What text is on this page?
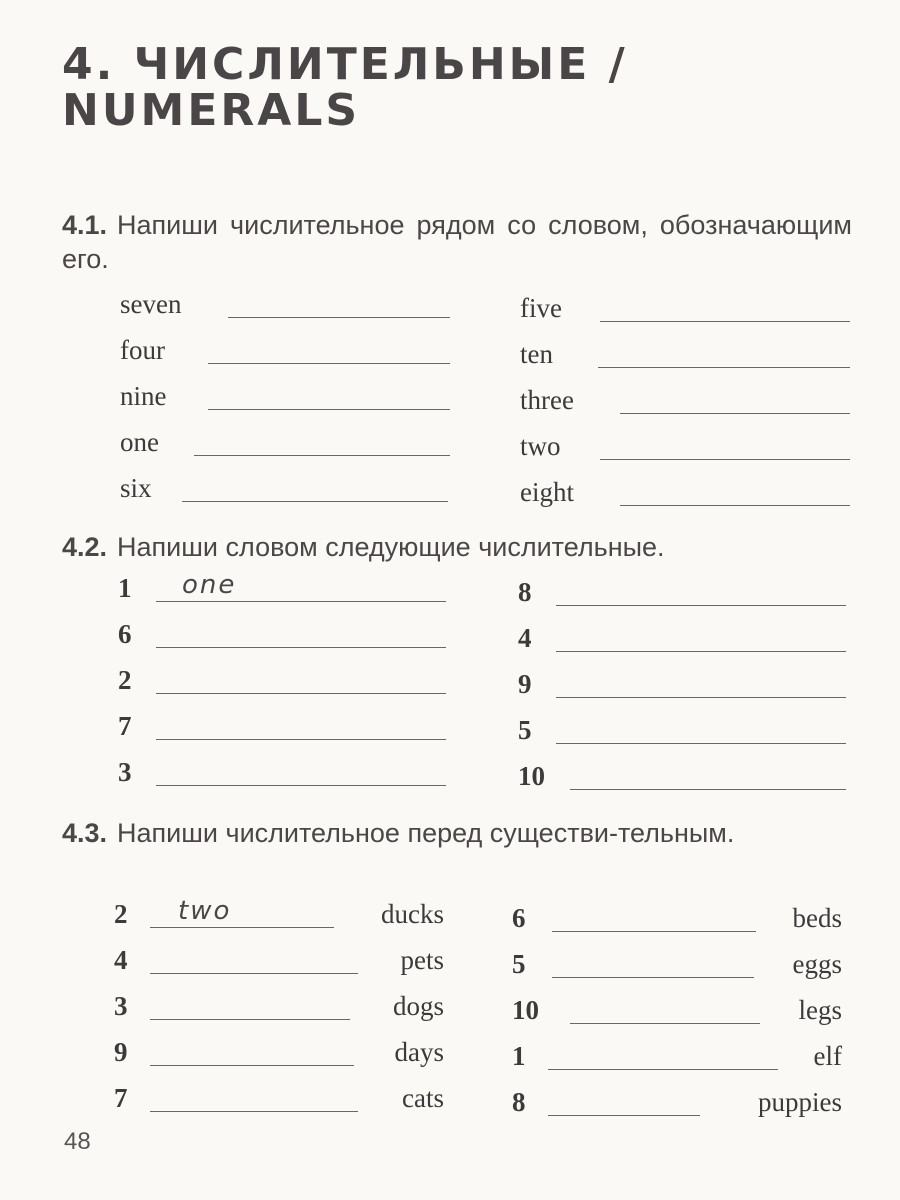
4. ЧИСЛИТЕЛЬНЫЕ /
NUMERALS

4.1. Напиши числительное рядом со словом, обозначающим его.

seven
four
nine
one
six
five
ten
three
two
eight

4.2. Напиши словом следующие числительные.

1 one
6
2
7
3
8
4
9
5
10

4.3. Напиши числительное перед существи-тельным.

2 two	ducks
4	pets
3	dogs
9	days
7	cats
6	beds
5	eggs
10	legs
1	elf
8	puppies
48
